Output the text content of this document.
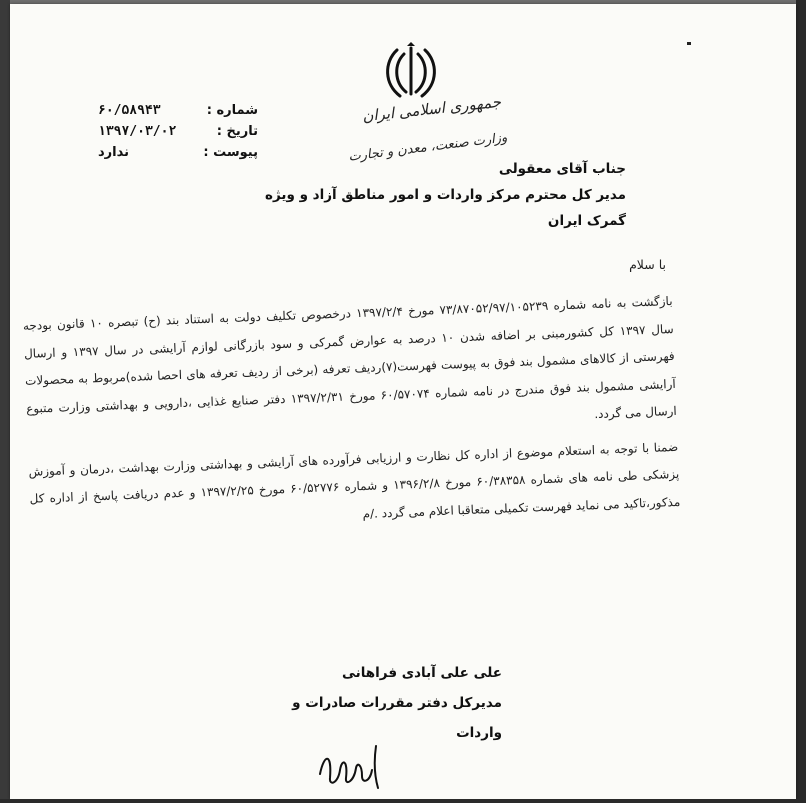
جمهوری اسلامی ایران
وزارت صنعت، معدن و تجارت
شماره :
۶۰/۵۸۹۴۳
تاریخ :
۱۳۹۷/۰۳/۰۲
پیوست :
ندارد
جناب آقای معقولی
مدیر کل محترم مرکز واردات و امور مناطق آزاد و ویژه
گمرک ایران
با سلام

بازگشت به نامه شماره ۷۳/۸۷۰۵۲/۹۷/۱۰۵۲۳۹ مورخ ۱۳۹۷/۲/۴ درخصوص تکلیف دولت به استناد بند (ح) تبصره ۱۰ قانون بودجه سال ۱۳۹۷ کل کشورمبنی بر اضافه شدن ۱۰ درصد به عوارض گمرکی و سود بازرگانی لوازم آرایشی در سال ۱۳۹۷ و ارسال فهرستی از کالاهای مشمول بند فوق به پیوست فهرست(۷)ردیف تعرفه (برخی از ردیف تعرفه های احصا شده)مربوط به محصولات آرایشی مشمول بند فوق مندرج در نامه شماره ۶۰/۵۷۰۷۴ مورخ ۱۳۹۷/۲/۳۱ دفتر صنایع غذایی ،دارویی و بهداشتی وزارت متبوع ارسال می گردد.

ضمنا با توجه به استعلام موضوع از اداره کل نظارت و ارزیابی فرآورده های آرایشی و بهداشتی وزارت بهداشت ،درمان و آموزش پزشکی طی نامه های شماره ۶۰/۳۸۳۵۸ مورخ ۱۳۹۶/۲/۸ و شماره ۶۰/۵۲۷۷۶ مورخ ۱۳۹۷/۲/۲۵ و عدم دریافت پاسخ از اداره کل مذکور،تاکید می نماید فهرست تکمیلی متعاقبا اعلام می گردد ./م

علی علی آبادی فراهانی
مدیرکل دفتر مقررات صادرات و واردات
